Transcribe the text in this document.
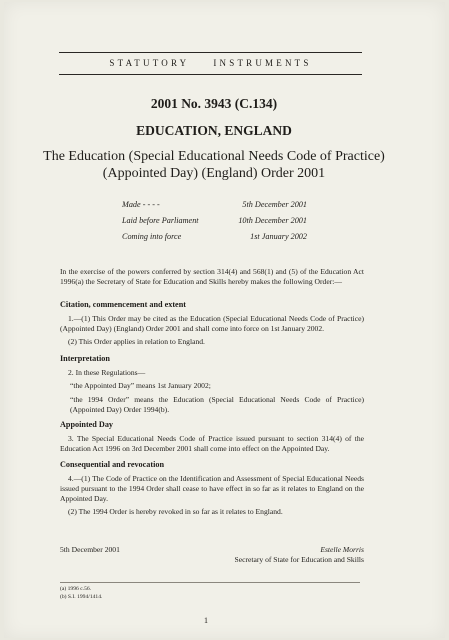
STATUTORY	INSTRUMENTS
2001 No. 3943 (C.134)
EDUCATION, ENGLAND
The Education (Special Educational Needs Code of Practice)
(Appointed Day) (England) Order 2001
Made - - - -	5th December 2001
Laid before Parliament	10th December 2001
Coming into force	1st January 2002
In the exercise of the powers conferred by section 314(4) and 568(1) and (5) of the Education Act 1996(a) the Secretary of State for Education and Skills hereby makes the following Order:—
Citation, commencement and extent
1.—(1) This Order may be cited as the Education (Special Educational Needs Code of Practice) (Appointed Day) (England) Order 2001 and shall come into force on 1st January 2002.
(2) This Order applies in relation to England.
Interpretation
2. In these Regulations—
“the Appointed Day” means 1st January 2002;
“the 1994 Order” means the Education (Special Educational Needs Code of Practice) (Appointed Day) Order 1994(b).
Appointed Day
3. The Special Educational Needs Code of Practice issued pursuant to section 314(4) of the Education Act 1996 on 3rd December 2001 shall come into effect on the Appointed Day.
Consequential and revocation
4.—(1) The Code of Practice on the Identification and Assessment of Special Educational Needs issued pursuant to the 1994 Order shall cease to have effect in so far as it relates to England on the Appointed Day.
(2) The 1994 Order is hereby revoked in so far as it relates to England.
5th December 2001	Estelle Morris
Secretary of State for Education and Skills
(a) 1996 c.56.
(b) S.I. 1994/1414.
1
